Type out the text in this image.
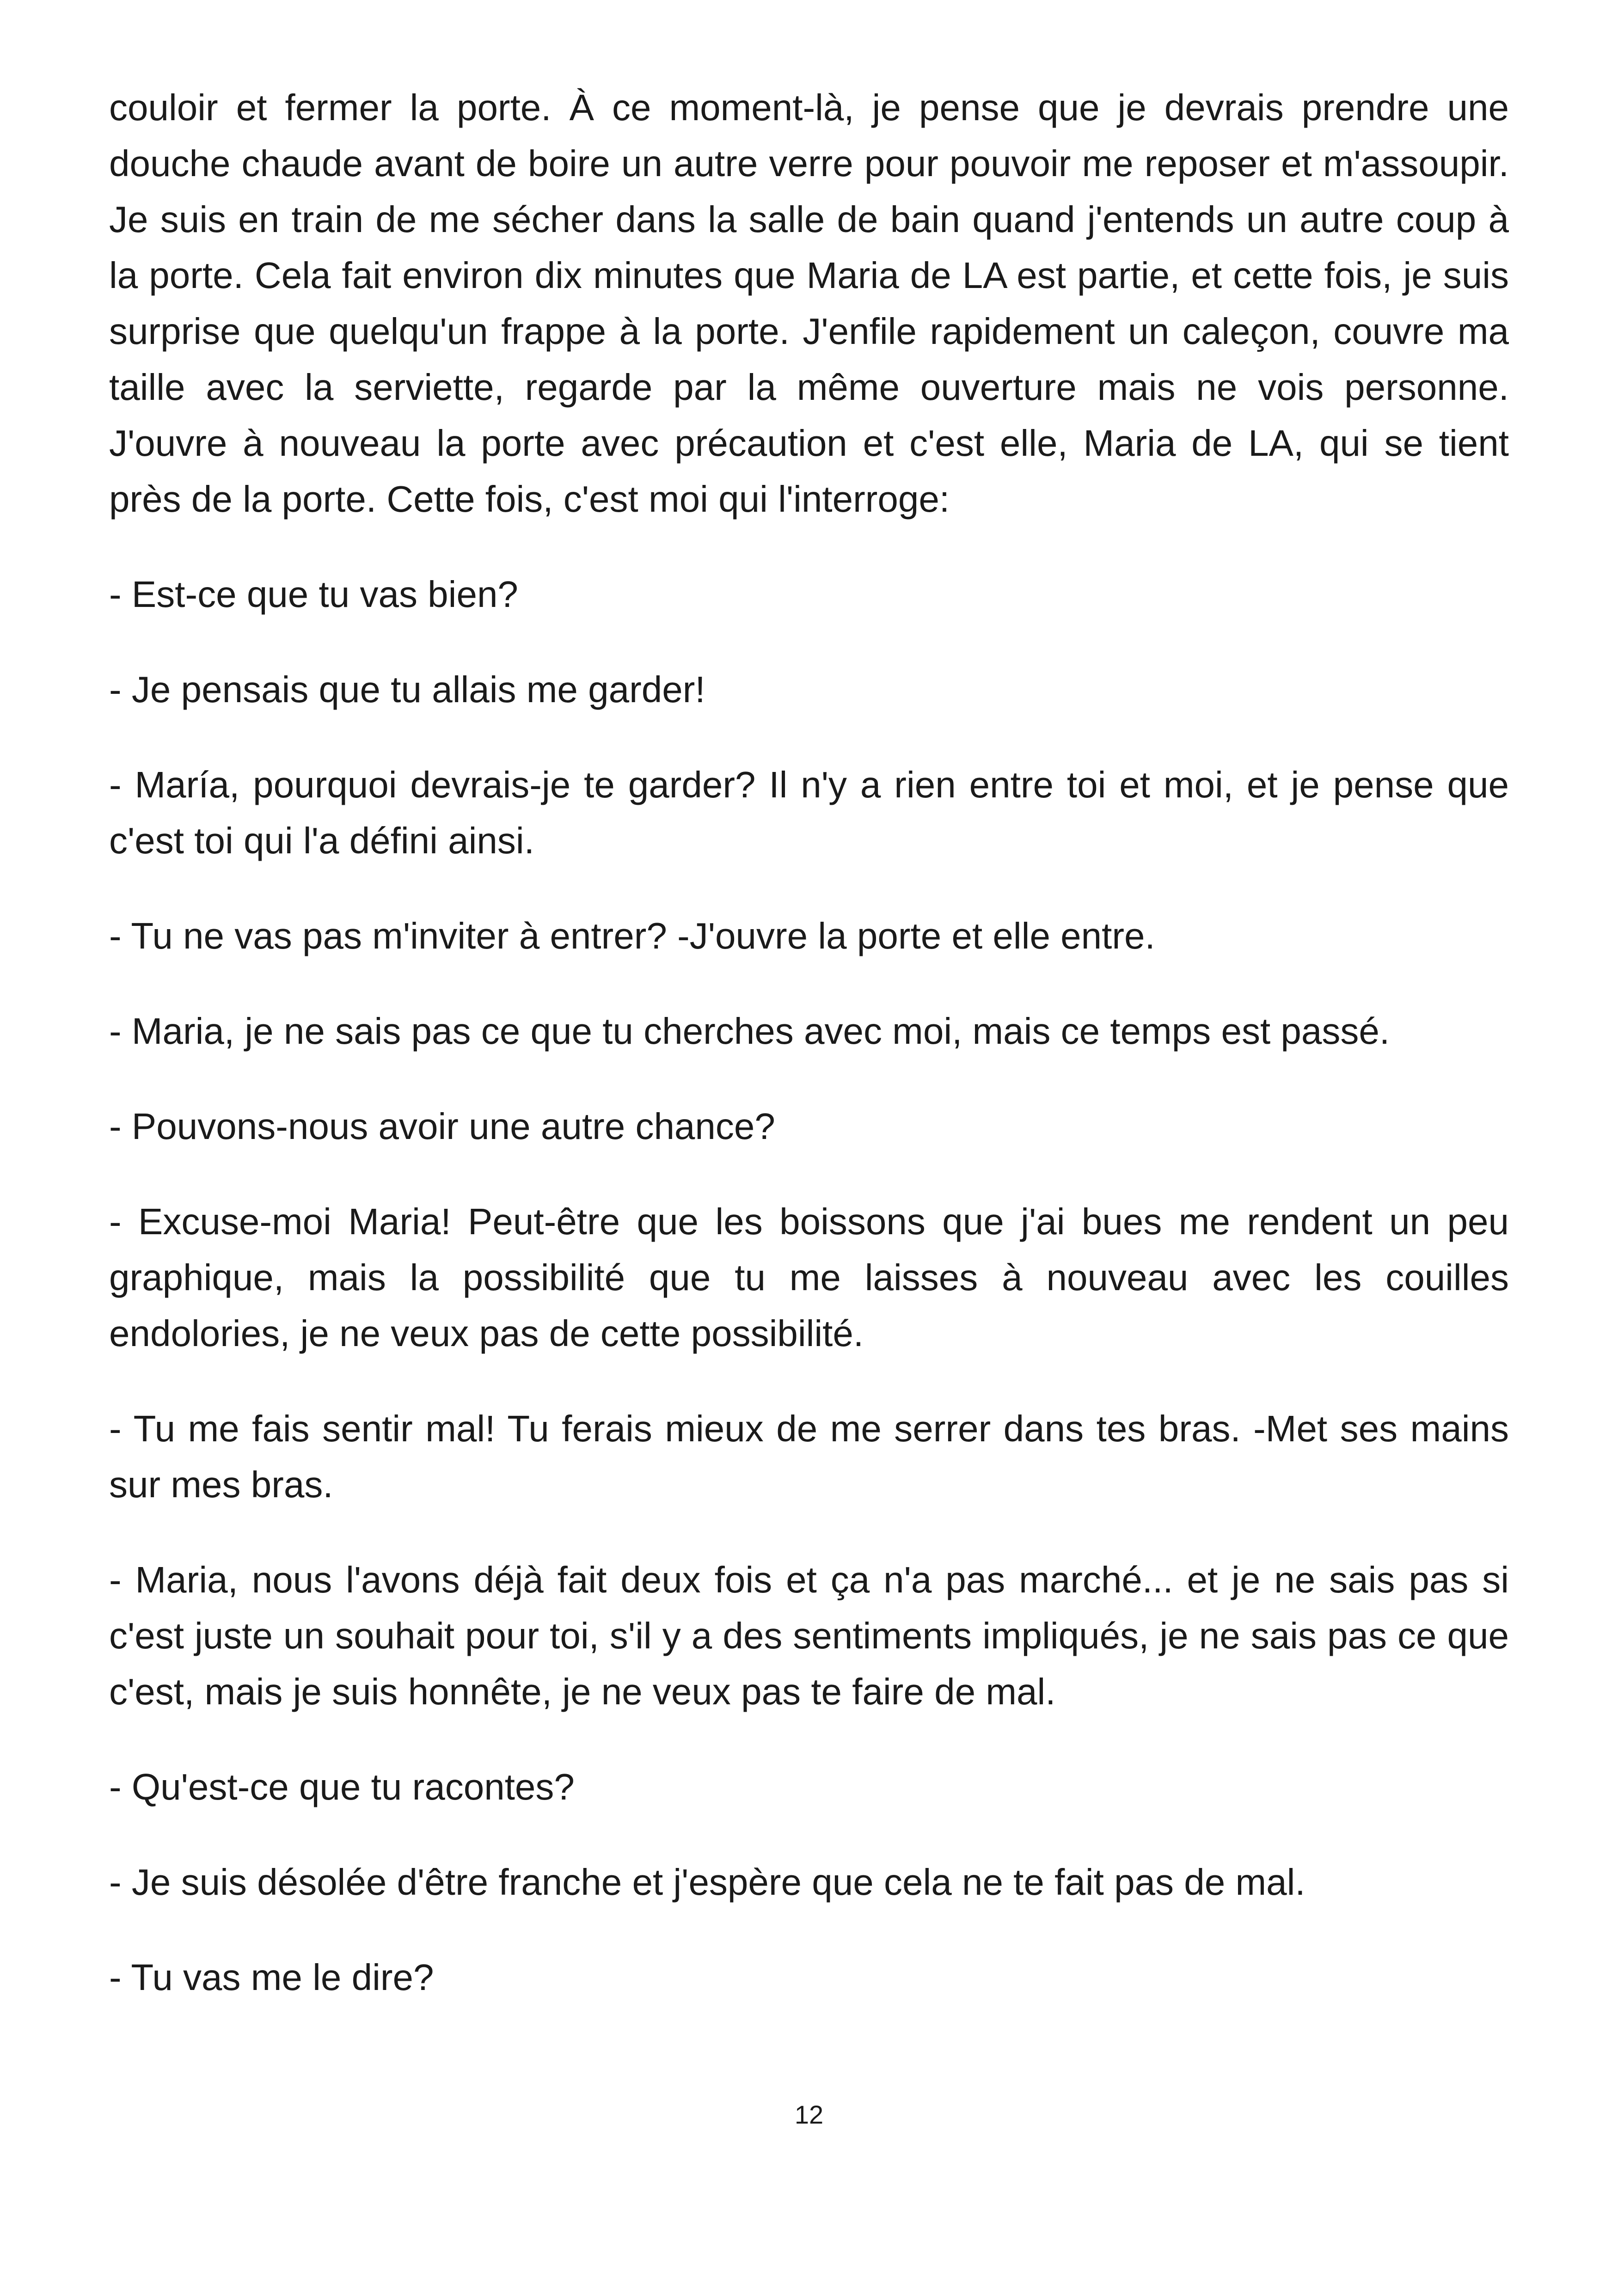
couloir et fermer la porte. À ce moment-là, je pense que je devrais prendre une douche chaude avant de boire un autre verre pour pouvoir me reposer et m'assoupir. Je suis en train de me sécher dans la salle de bain quand j'entends un autre coup à la porte. Cela fait environ dix minutes que Maria de LA est partie, et cette fois, je suis surprise que quelqu'un frappe à la porte. J'enfile rapidement un caleçon, couvre ma taille avec la serviette, regarde par la même ouverture mais ne vois personne. J'ouvre à nouveau la porte avec précaution et c'est elle, Maria de LA, qui se tient près de la porte. Cette fois, c'est moi qui l'interroge:

- Est-ce que tu vas bien?

- Je pensais que tu allais me garder!

- María, pourquoi devrais-je te garder? Il n'y a rien entre toi et moi, et je pense que c'est toi qui l'a défini ainsi.

- Tu ne vas pas m'inviter à entrer? -J'ouvre la porte et elle entre.

- Maria, je ne sais pas ce que tu cherches avec moi, mais ce temps est passé.

- Pouvons-nous avoir une autre chance?

- Excuse-moi Maria! Peut-être que les boissons que j'ai bues me rendent un peu graphique, mais la possibilité que tu me laisses à nouveau avec les couilles endolories, je ne veux pas de cette possibilité.

- Tu me fais sentir mal! Tu ferais mieux de me serrer dans tes bras. -Met ses mains sur mes bras.

- Maria, nous l'avons déjà fait deux fois et ça n'a pas marché... et je ne sais pas si c'est juste un souhait pour toi, s'il y a des sentiments impliqués, je ne sais pas ce que c'est, mais je suis honnête, je ne veux pas te faire de mal.

- Qu'est-ce que tu racontes?

- Je suis désolée d'être franche et j'espère que cela ne te fait pas de mal.

- Tu vas me le dire?

12
